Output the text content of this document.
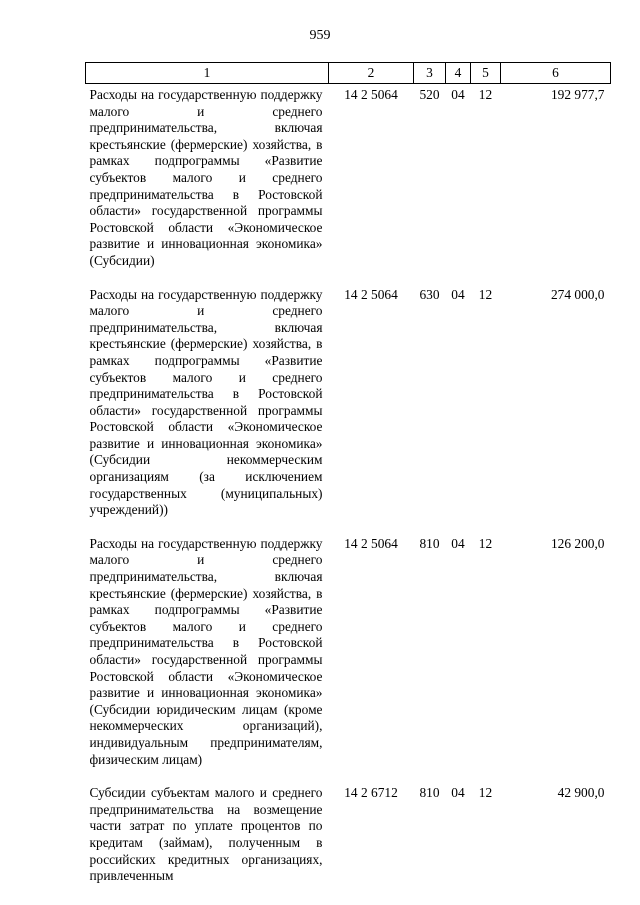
959
1	2	3	4	5	6
Расходы на государственную поддержку малого и среднего предпринимательства, включая крестьянские (фермерские) хозяйства, в рамках подпрограммы «Развитие субъектов малого и среднего предпринимательства в Ростовской области» государственной программы Ростовской области «Экономическое развитие и инновационная экономика» (Субсидии)	14 2 5064	520	04	12	192 977,7
Расходы на государственную поддержку малого и среднего предпринимательства, включая крестьянские (фермерские) хозяйства, в рамках подпрограммы «Развитие субъектов малого и среднего предпринимательства в Ростовской области» государственной программы Ростовской области «Экономическое развитие и инновационная экономика» (Субсидии некоммерческим организациям (за исключением государственных (муниципальных) учреждений))	14 2 5064	630	04	12	274 000,0
Расходы на государственную поддержку малого и среднего предпринимательства, включая крестьянские (фермерские) хозяйства, в рамках подпрограммы «Развитие субъектов малого и среднего предпринимательства в Ростовской области» государственной программы Ростовской области «Экономическое развитие и инновационная экономика» (Субсидии юридическим лицам (кроме некоммерческих организаций), индивидуальным предпринимателям, физическим лицам)	14 2 5064	810	04	12	126 200,0
Субсидии субъектам малого и среднего предпринимательства на возмещение части затрат по уплате процентов по кредитам (займам), полученным в российских кредитных организациях, привлеченным	14 2 6712	810	04	12	42 900,0
